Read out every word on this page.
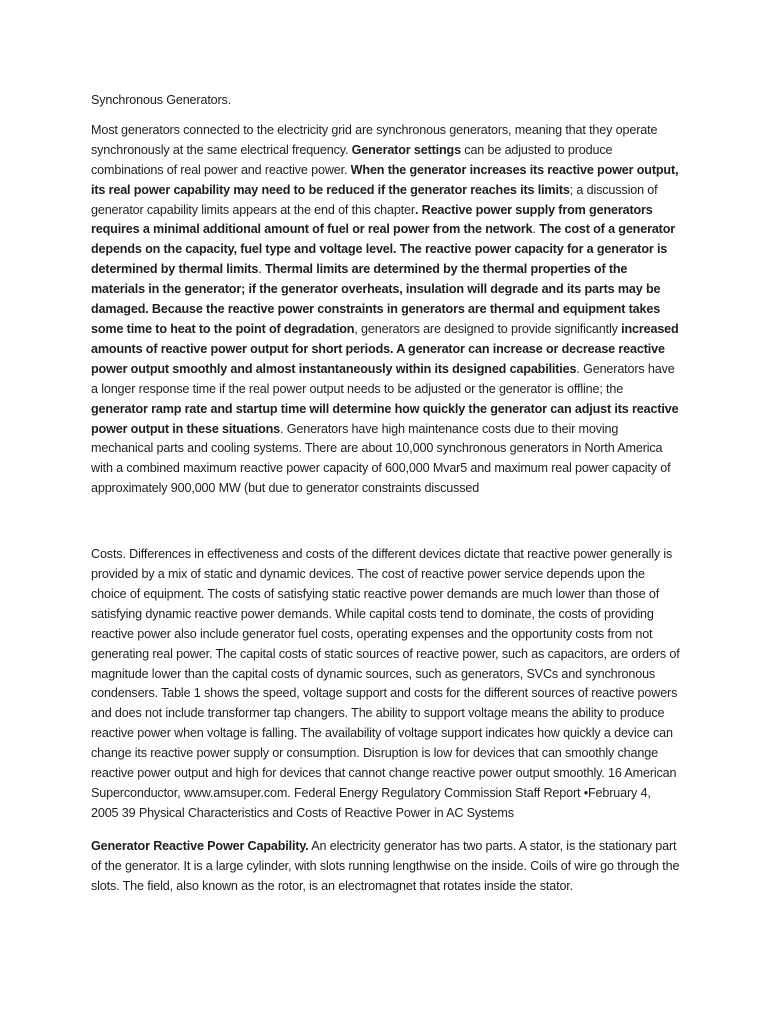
Synchronous Generators.

Most generators connected to the electricity grid are synchronous generators, meaning that they operate synchronously at the same electrical frequency. Generator settings can be adjusted to produce combinations of real power and reactive power. When the generator increases its reactive power output, its real power capability may need to be reduced if the generator reaches its limits; a discussion of generator capability limits appears at the end of this chapter. Reactive power supply from generators requires a minimal additional amount of fuel or real power from the network. The cost of a generator depends on the capacity, fuel type and voltage level. The reactive power capacity for a generator is determined by thermal limits. Thermal limits are determined by the thermal properties of the materials in the generator; if the generator overheats, insulation will degrade and its parts may be damaged. Because the reactive power constraints in generators are thermal and equipment takes some time to heat to the point of degradation, generators are designed to provide significantly increased amounts of reactive power output for short periods. A generator can increase or decrease reactive power output smoothly and almost instantaneously within its designed capabilities. Generators have a longer response time if the real power output needs to be adjusted or the generator is offline; the generator ramp rate and startup time will determine how quickly the generator can adjust its reactive power output in these situations. Generators have high maintenance costs due to their moving mechanical parts and cooling systems. There are about 10,000 synchronous generators in North America with a combined maximum reactive power capacity of 600,000 Mvar5 and maximum real power capacity of approximately 900,000 MW (but due to generator constraints discussed

Costs. Differences in effectiveness and costs of the different devices dictate that reactive power generally is provided by a mix of static and dynamic devices. The cost of reactive power service depends upon the choice of equipment. The costs of satisfying static reactive power demands are much lower than those of satisfying dynamic reactive power demands. While capital costs tend to dominate, the costs of providing reactive power also include generator fuel costs, operating expenses and the opportunity costs from not generating real power. The capital costs of static sources of reactive power, such as capacitors, are orders of magnitude lower than the capital costs of dynamic sources, such as generators, SVCs and synchronous condensers. Table 1 shows the speed, voltage support and costs for the different sources of reactive powers and does not include transformer tap changers. The ability to support voltage means the ability to produce reactive power when voltage is falling. The availability of voltage support indicates how quickly a device can change its reactive power supply or consumption. Disruption is low for devices that can smoothly change reactive power output and high for devices that cannot change reactive power output smoothly. 16 American Superconductor, www.amsuper.com. Federal Energy Regulatory Commission Staff Report •February 4, 2005 39 Physical Characteristics and Costs of Reactive Power in AC Systems

Generator Reactive Power Capability. An electricity generator has two parts. A stator, is the stationary part of the generator. It is a large cylinder, with slots running lengthwise on the inside. Coils of wire go through the slots. The field, also known as the rotor, is an electromagnet that rotates inside the stator.
